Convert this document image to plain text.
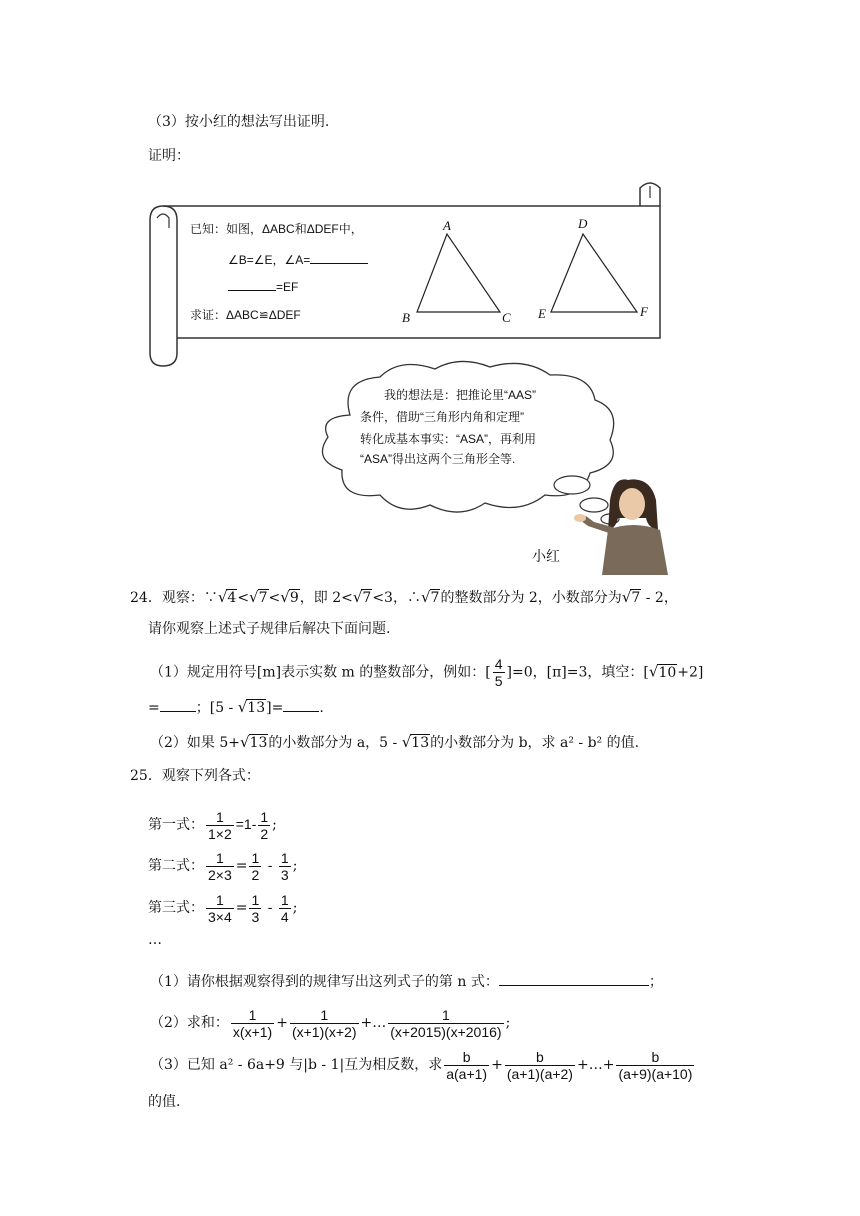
（3）按小红的想法写出证明.
证明：
已知：如图，ΔABC和ΔDEF中，
∠B=∠E，∠A=
=EF
求证：ΔABC≌ΔDEF
A
B	C
D
E	F
我的想法是：把推论里“AAS”
条件，借助“三角形内角和定理”
转化成基本事实：“ASA”，再利用
“ASA”得出这两个三角形全等.
小红
24．观察：∵√4<√7<√9，即 2<√7<3，∴√7的整数部分为 2，小数部分为√7 - 2，
请你观察上述式子规律后解决下面问题.
（1）规定用符号[m]表示实数 m 的整数部分，例如：[ $\frac{4}{5} ]=0$，[π]=3，填空：[√10+2]
=	；[5 - √13]=	.
（2）如果 5+√13的小数部分为 a，5 - √13的小数部分为 b，求 a² - b² 的值.
25．观察下列各式：
第一式： $\frac{1}{1\times 2} =1- \frac{1}{2}$ ;
第二式： $\frac{1}{2\times 3} = \frac{1}{2} - \frac{1}{3}$ ;
第三式： $\frac{1}{3\times 4} = \frac{1}{3} - \frac{1}{4}$ ;
…
（1）请你根据观察得到的规律写出这列式子的第 n 式：	；
（2）求和： $\frac{1}{x(x+1)} + \frac{1}{(x+1)(x+2)}$ +… $\frac{1}{(x+2015)(x+2016)}$ ;
（3）已知 a² - 6a+9 与|b - 1|互为相反数，求 $\frac{b}{a(a+1)} + \frac{b}{(a+1)(a+2)}$ +…+ $\frac{b}{(a+9)(a+10)}$
的值.
